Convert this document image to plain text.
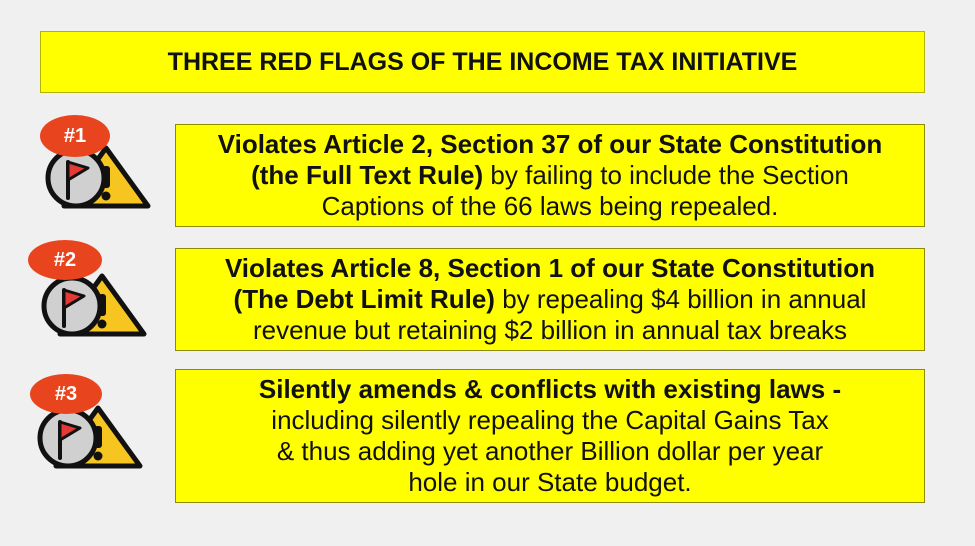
THREE RED FLAGS OF THE INCOME TAX INITIATIVE
#1	Violates Article 2, Section 37 of our State Constitution
(the Full Text Rule) by failing to include the Section
Captions of the 66 laws being repealed.
#2	Violates Article 8, Section 1 of our State Constitution
(The Debt Limit Rule) by repealing $4 billion in annual
revenue but retaining $2 billion in annual tax breaks
#3	Silently amends & conflicts with existing laws -
including silently repealing the Capital Gains Tax
& thus adding yet another Billion dollar per year
hole in our State budget.
